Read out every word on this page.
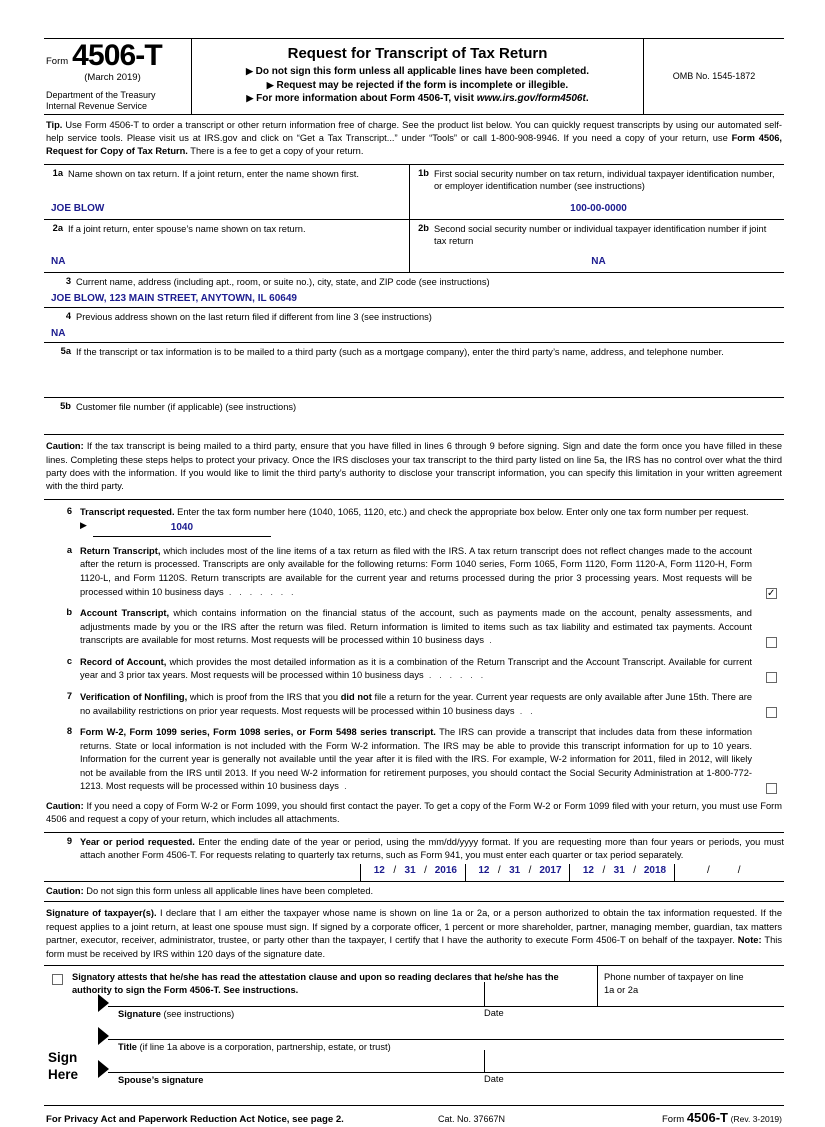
Form 4506-T
(March 2019)
Department of the Treasury
Internal Revenue Service
Request for Transcript of Tax Return
▶ Do not sign this form unless all applicable lines have been completed.
▶ Request may be rejected if the form is incomplete or illegible.
▶ For more information about Form 4506-T, visit www.irs.gov/form4506t.
OMB No. 1545-1872
Tip. Use Form 4506-T to order a transcript or other return information free of charge. See the product list below. You can quickly request transcripts by using our automated self-help service tools. Please visit us at IRS.gov and click on “Get a Tax Transcript...” under “Tools” or call 1-800-908-9946. If you need a copy of your return, use Form 4506, Request for Copy of Tax Return. There is a fee to get a copy of your return.
1a Name shown on tax return. If a joint return, enter the name shown first.
JOE BLOW
1b First social security number on tax return, individual taxpayer identification number, or employer identification number (see instructions)
100-00-0000
2a If a joint return, enter spouse’s name shown on tax return.
NA
2b Second social security number or individual taxpayer identification number if joint tax return
NA
3 Current name, address (including apt., room, or suite no.), city, state, and ZIP code (see instructions)
JOE BLOW, 123 MAIN STREET, ANYTOWN, IL 60649
4 Previous address shown on the last return filed if different from line 3 (see instructions)
NA
5a If the transcript or tax information is to be mailed to a third party (such as a mortgage company), enter the third party’s name, address, and telephone number.
5b Customer file number (if applicable) (see instructions)
Caution: If the tax transcript is being mailed to a third party, ensure that you have filled in lines 6 through 9 before signing. Sign and date the form once you have filled in these lines. Completing these steps helps to protect your privacy. Once the IRS discloses your tax transcript to the third party listed on line 5a, the IRS has no control over what the third party does with the information. If you would like to limit the third party’s authority to disclose your transcript information, you can specify this limitation in your written agreement with the third party.
6 Transcript requested. Enter the tax form number here (1040, 1065, 1120, etc.) and check the appropriate box below. Enter only one tax form number per request. ▶	1040
a Return Transcript, which includes most of the line items of a tax return as filed with the IRS. A tax return transcript does not reflect changes made to the account after the return is processed. Transcripts are only available for the following returns: Form 1040 series, Form 1065, Form 1120, Form 1120-A, Form 1120-H, Form 1120-L, and Form 1120S. Return transcripts are available for the current year and returns processed during the prior 3 processing years. Most requests will be processed within 10 business days . . . . . . .
✓
b Account Transcript, which contains information on the financial status of the account, such as payments made on the account, penalty assessments, and adjustments made by you or the IRS after the return was filed. Return information is limited to items such as tax liability and estimated tax payments. Account transcripts are available for most returns. Most requests will be processed within 10 business days .
c Record of Account, which provides the most detailed information as it is a combination of the Return Transcript and the Account Transcript. Available for current year and 3 prior tax years. Most requests will be processed within 10 business days . . . . . .
7 Verification of Nonfiling, which is proof from the IRS that you did not file a return for the year. Current year requests are only available after June 15th. There are no availability restrictions on prior year requests. Most requests will be processed within 10 business days . .
8 Form W-2, Form 1099 series, Form 1098 series, or Form 5498 series transcript. The IRS can provide a transcript that includes data from these information returns. State or local information is not included with the Form W-2 information. The IRS may be able to provide this transcript information for up to 10 years. Information for the current year is generally not available until the year after it is filed with the IRS. For example, W-2 information for 2011, filed in 2012, will likely not be available from the IRS until 2013. If you need W-2 information for retirement purposes, you should contact the Social Security Administration at 1-800-772-1213. Most requests will be processed within 10 business days .
Caution: If you need a copy of Form W-2 or Form 1099, you should first contact the payer. To get a copy of the Form W-2 or Form 1099 filed with your return, you must use Form 4506 and request a copy of your return, which includes all attachments.
9 Year or period requested. Enter the ending date of the year or period, using the mm/dd/yyyy format. If you are requesting more than four years or periods, you must attach another Form 4506-T. For requests relating to quarterly tax returns, such as Form 941, you must enter each quarter or tax period separately.
12 / 31 / 2016	12 / 31 / 2017	12 / 31 / 2018	/	/
Caution: Do not sign this form unless all applicable lines have been completed.
Signature of taxpayer(s). I declare that I am either the taxpayer whose name is shown on line 1a or 2a, or a person authorized to obtain the tax information requested. If the request applies to a joint return, at least one spouse must sign. If signed by a corporate officer, 1 percent or more shareholder, partner, managing member, guardian, tax matters partner, executor, receiver, administrator, trustee, or party other than the taxpayer, I certify that I have the authority to execute Form 4506-T on behalf of the taxpayer. Note: This form must be received by IRS within 120 days of the signature date.
Signatory attests that he/she has read the attestation clause and upon so reading declares that he/she has the authority to sign the Form 4506-T. See instructions.
Phone number of taxpayer on line
1a or 2a
Sign
Here
Signature (see instructions)	Date
Title (if line 1a above is a corporation, partnership, estate, or trust)
Spouse’s signature	Date
For Privacy Act and Paperwork Reduction Act Notice, see page 2.	Cat. No. 37667N	Form 4506-T (Rev. 3-2019)
